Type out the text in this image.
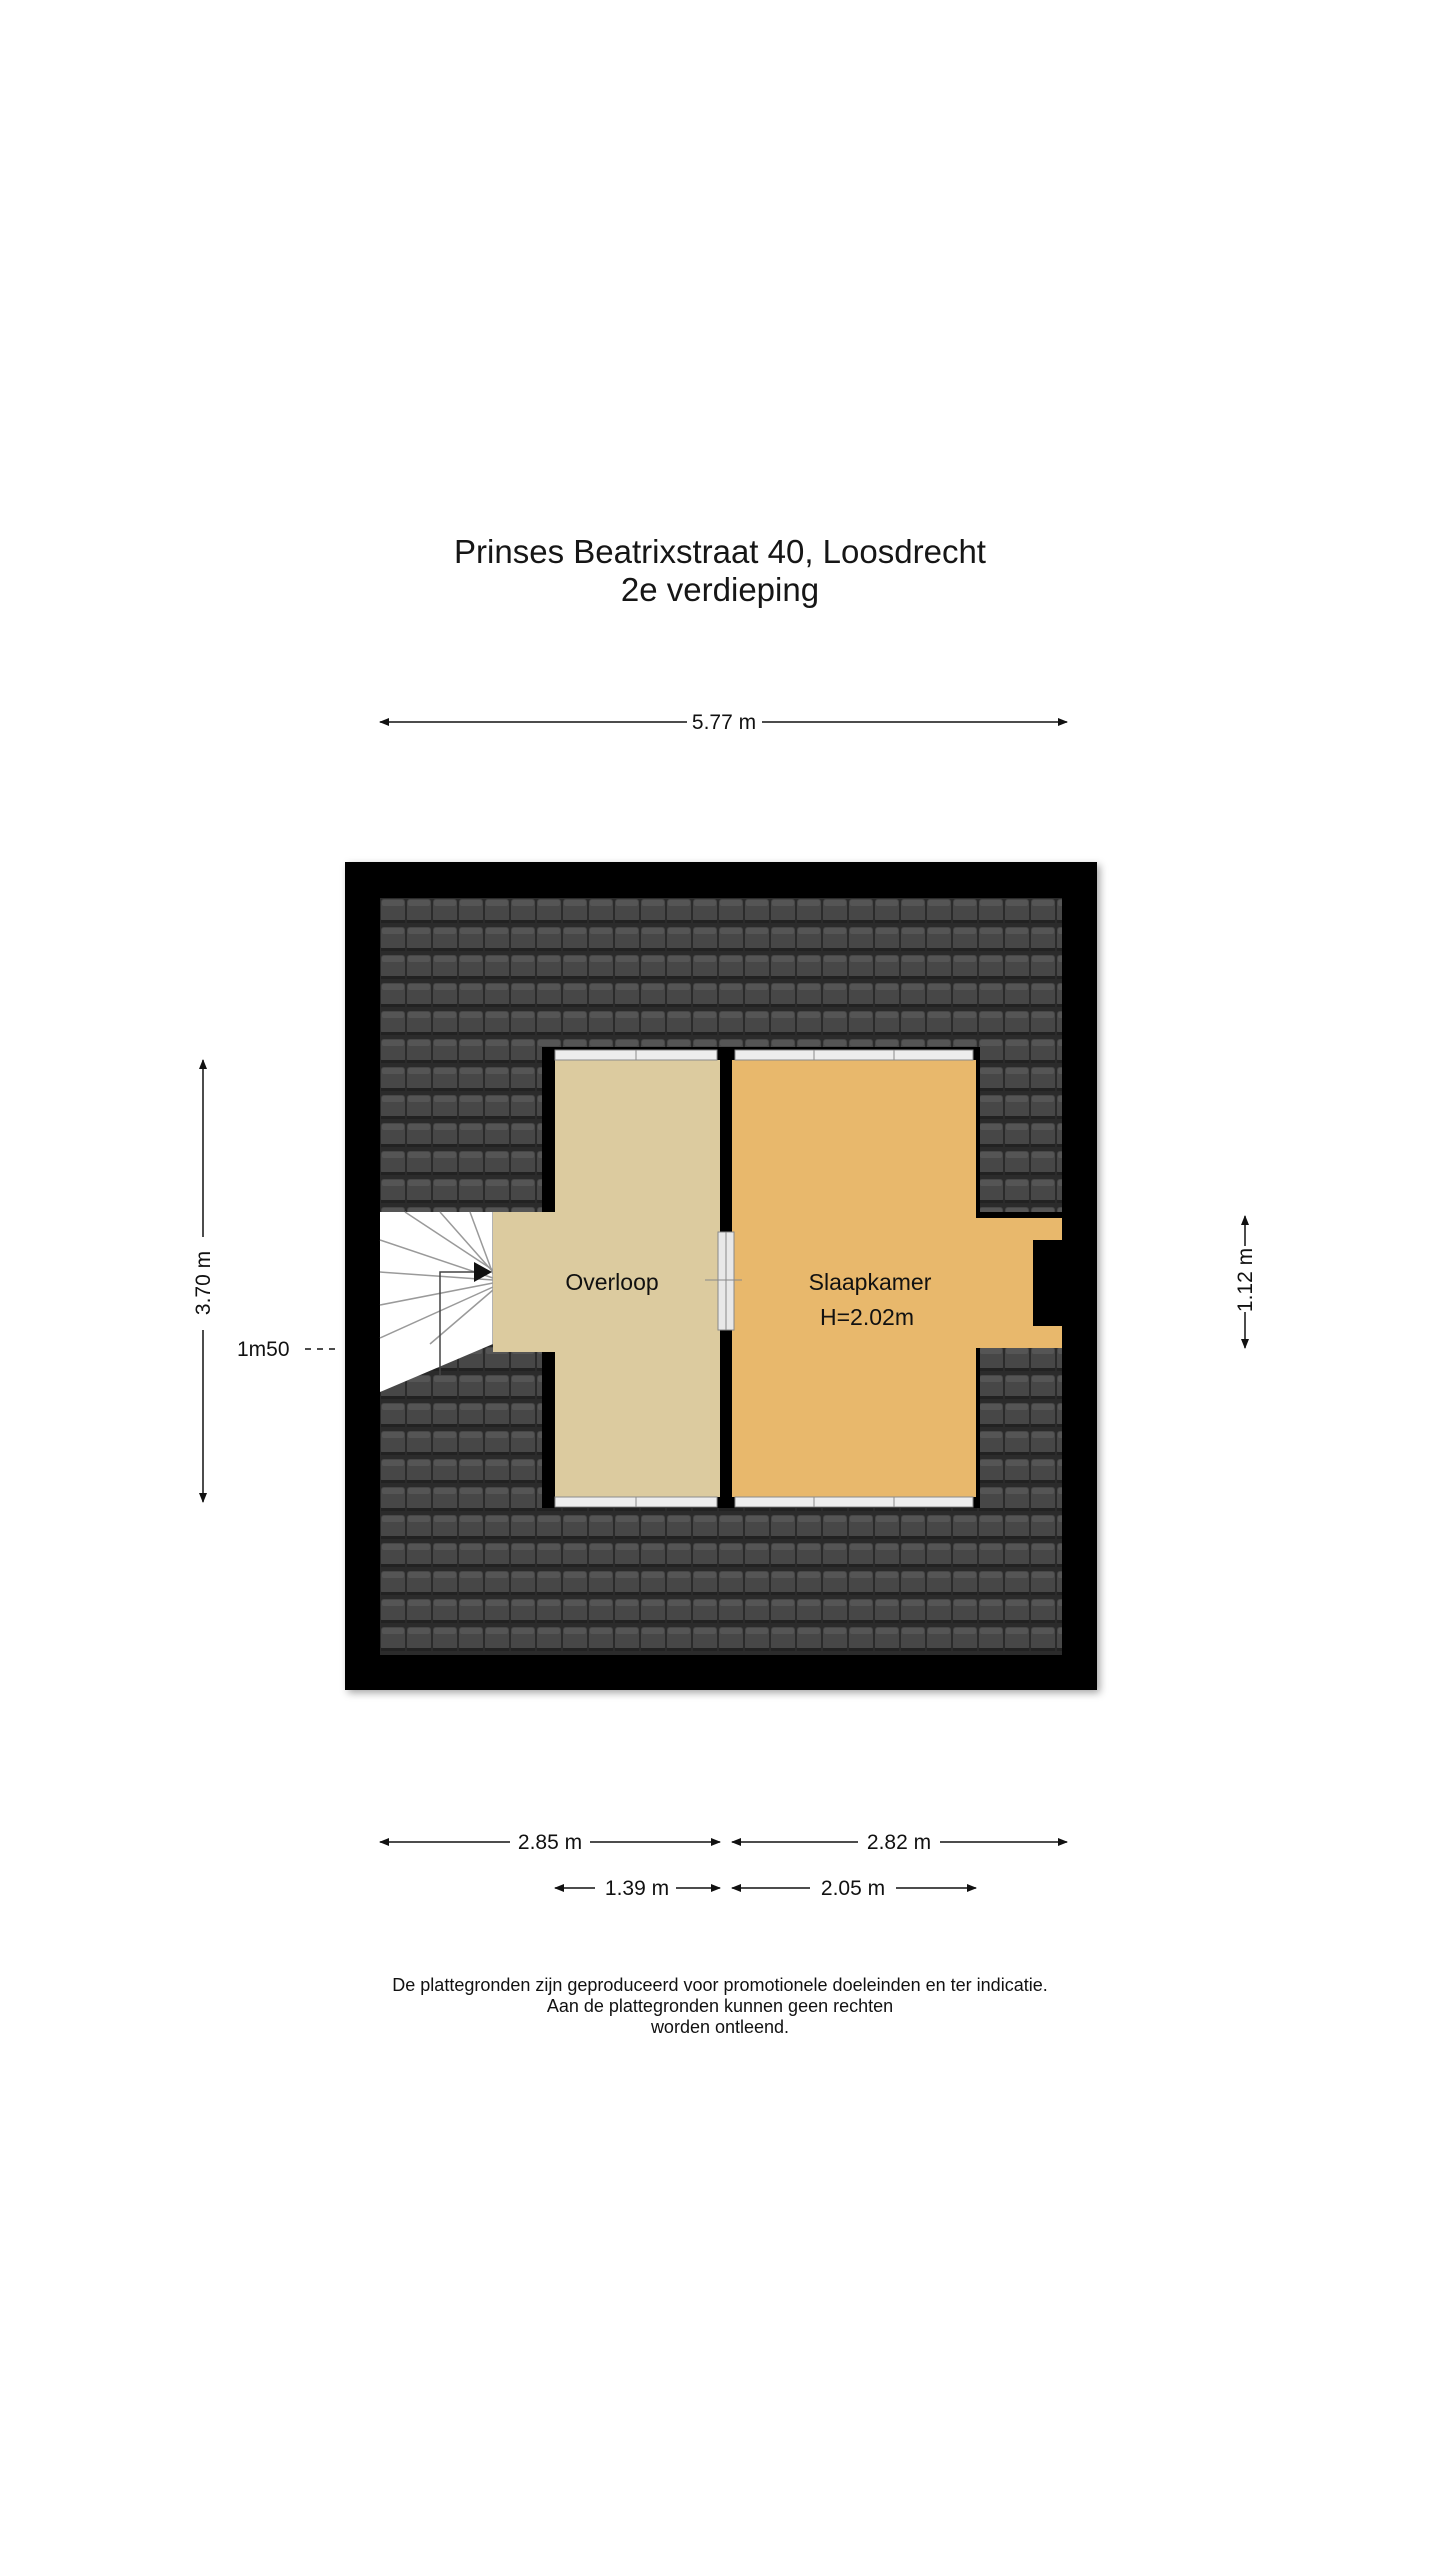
Prinses Beatrixstraat 40, Loosdrecht
2e verdieping
Overloop	Slaapkamer
H=2.02m
5.77 m
3.70 m	1.12 m
1m50
2.85 m	2.82 m
1.39 m	2.05 m
De plattegronden zijn geproduceerd voor promotionele doeleinden en ter indicatie.
Aan de plattegronden kunnen geen rechten
worden ontleend.
